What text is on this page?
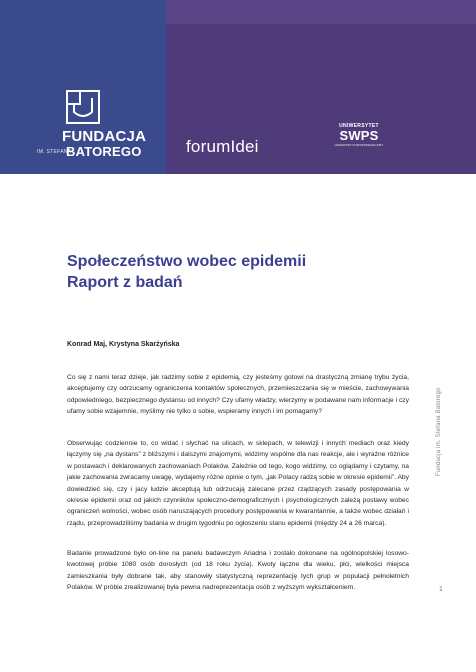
FUNDACJA
IM. STEFANA
BATOREGO	forumIdei
UNIWERSYTET
SWPS
HUMANISTYCZNOSPOŁECZNY
Społeczeństwo wobec epidemii
Raport z badań
Konrad Maj, Krystyna Skarżyńska
Co się z nami teraz dzieje, jak radzimy sobie z epidemią, czy jesteśmy gotowi na drastyczną zmianę trybu życia, akceptujemy czy odrzucamy ograniczenia kontaktów społecznych, przemieszczania się w mieście, zachowywania odpowiedniego, bezpiecznego dystansu od innych? Czy ufamy władzy, wierzymy w podawane nam informacje i czy ufamy sobie wzajemnie, myślimy nie tylko o sobie, wspieramy innych i im pomagamy?
Obserwując codziennie to, co widać i słychać na ulicach, w sklepach, w telewizji i innych mediach oraz kiedy łączymy się „na dystans” z bliższymi i dalszymi znajomymi, widzimy wspólne dla nas reakcje, ale i wyraźne różnice w postawach i deklarowanych zachowaniach Polaków. Zależnie od tego, kogo widzimy, co oglądamy i czytamy, na jakie zachowania zwracamy uwagę, wydajemy różne opinie o tym, „jak Polacy radzą sobie w okresie epidemii”. Aby dowiedzieć się, czy i jacy ludzie akceptują lub odrzucają zalecane przez rządzących zasady postępowania w okresie epidemii oraz od jakich czynników społeczno-demograficznych i psychologicznych zależą postawy wobec ograniczeń wolności, wobec osób naruszających procedury postępowania w kwarantannie, a także wobec działań i rządu, przeprowadziliśmy badania w drugim tygodniu po ogłoszeniu stanu epidemii (między 24 a 26 marca).
Badanie prowadzone było on-line na panelu badawczym Ariadna i zostało dokonane na ogólnopolskiej losowo-kwotowej próbie 1080 osób dorosłych (od 18 roku życia). Kwoty łączne dla wieku, płci, wielkości miejsca zamieszkania były dobrane tak, aby stanowiły statystyczną reprezentację tych grup w populacji pełnoletnich Polaków. W próbie zrealizowanej była pewna nadreprezentacja osób z wyższym wykształceniem.
Fundacja im. Stefana Batorego
1
